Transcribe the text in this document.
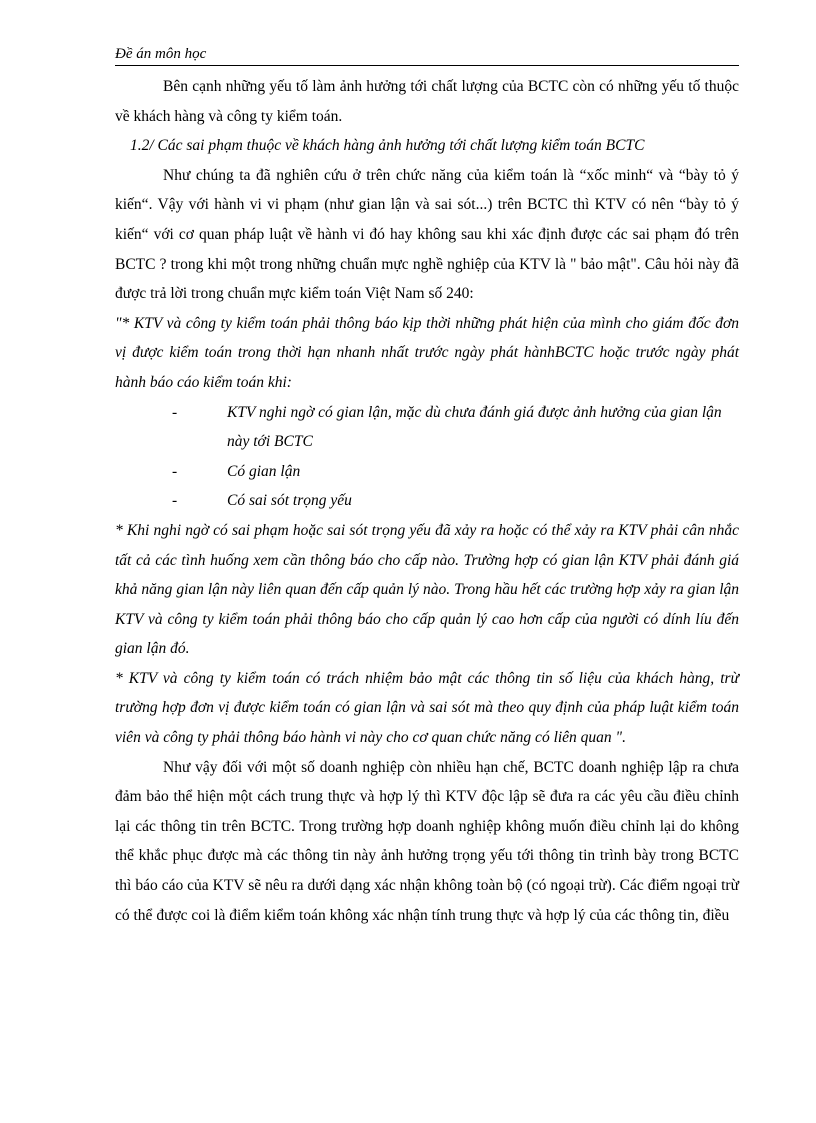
Đề án môn học

Bên cạnh những yếu tố làm ảnh hưởng tới chất lượng của BCTC còn có những yếu tố thuộc về khách hàng và công ty kiểm toán.

1.2/ Các sai phạm thuộc về khách hàng ảnh hưởng tới chất lượng kiểm toán BCTC

Như chúng ta đã nghiên cứu ở trên chức năng của kiểm toán là “xốc minh“ và “bày tỏ ý kiến“. Vậy với hành vi vi phạm (như gian lận và sai sót...) trên BCTC thì KTV có nên “bày tỏ ý kiến“ với cơ quan pháp luật về hành vi đó hay không sau khi xác định được các sai phạm đó trên BCTC ? trong khi một trong những chuẩn mực nghề nghiệp của KTV là " bảo mật". Câu hỏi này đã được trả lời trong chuẩn mực kiểm toán Việt Nam số 240:

"* KTV và công ty kiểm toán phải thông báo kịp thời những phát hiện của mình cho giám đốc đơn vị được kiểm toán trong thời hạn nhanh nhất trước ngày phát hànhBCTC hoặc trước ngày phát hành báo cáo kiểm toán khi:

-	KTV nghi ngờ có gian lận, mặc dù chưa đánh giá được ảnh hưởng của gian lận này tới BCTC
-	Có gian lận
-	Có sai sót trọng yếu

* Khi nghi ngờ có sai phạm hoặc sai sót trọng yếu đã xảy ra hoặc có thể xảy ra KTV phải cân nhắc tất cả các tình huống xem cần thông báo cho cấp nào. Trường hợp có gian lận KTV phải đánh giá khả năng gian lận này liên quan đến cấp quản lý nào. Trong hầu hết các trường hợp xảy ra gian lận KTV và công ty kiểm toán phải thông báo cho cấp quản lý cao hơn cấp của người có dính líu đến gian lận đó.

* KTV và công ty kiểm toán có trách nhiệm bảo mật các thông tin số liệu của khách hàng, trừ trường hợp đơn vị được kiểm toán có gian lận và sai sót mà theo quy định của pháp luật kiểm toán viên và công ty phải thông báo hành vi này cho cơ quan chức năng có liên quan ".

Như vậy đối với một số doanh nghiệp còn nhiều hạn chế, BCTC doanh nghiệp lập ra chưa đảm bảo thể hiện một cách trung thực và hợp lý thì KTV độc lập sẽ đưa ra các yêu cầu điều chỉnh lại các thông tin trên BCTC. Trong trường hợp doanh nghiệp không muốn điều chỉnh lại do không thể khắc phục được mà các thông tin này ảnh hưởng trọng yếu tới thông tin trình bày trong BCTC thì báo cáo của KTV sẽ nêu ra dưới dạng xác nhận không toàn bộ (có ngoại trừ). Các điểm ngoại trừ có thể được coi là điểm kiểm toán không xác nhận tính trung thực và hợp lý của các thông tin, điều
